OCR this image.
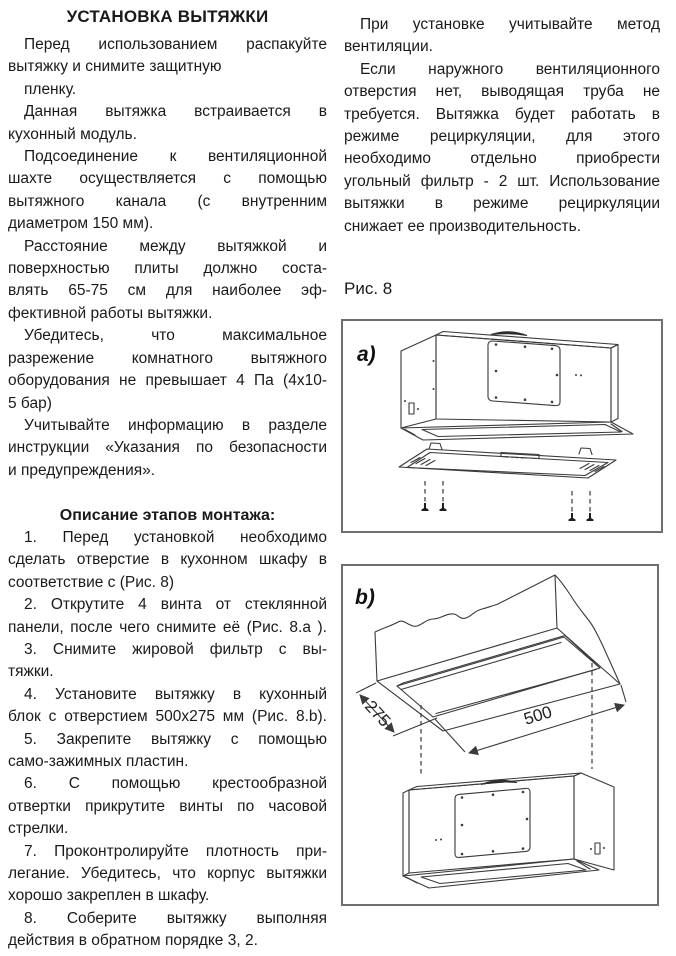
УСТАНОВКА ВЫТЯЖКИ
Перед использованием распакуйте
вытяжку и снимите защитную
пленку.
Данная вытяжка встраивается в
кухонный модуль.
Подсоединение к вентиляционной
шахте осуществляется с помощью
вытяжного канала (с внутренним
диаметром 150 мм).
Расстояние между вытяжкой и
поверхностью плиты должно соста-
влять 65-75 см для наиболее эф-
фективной работы вытяжки.
Убедитесь, что максимальное
разрежение комнатного вытяжного
оборудования не превышает 4 Па (4х10-
5 бар)
Учитывайте информацию в разделе
инструкции «Указания по безопасности
и предупреждения».
Описание этапов монтажа:
1. Перед установкой необходимо
сделать отверстие в кухонном шкафу в
соответствие с (Рис. 8)
2. Открутите 4 винта от стеклянной
панели, после чего снимите её (Рис. 8.a ).
3. Снимите жировой фильтр с вы-
тяжки.
4. Установите вытяжку в кухонный
блок с отверстием 500х275 мм (Рис. 8.b).
5. Закрепите вытяжку с помощью
само-зажимных пластин.
6. С помощью крестообразной
отвертки прикрутите винты по часовой
стрелки.
7. Проконтролируйте плотность при-
легание. Убедитесь, что корпус вытяжки
хорошо закреплен в шкафу.
8. Соберите вытяжку выполняя
действия в обратном порядке 3, 2.
При установке учитывайте метод
вентиляции.
Если наружного вентиляционного
отверстия нет, выводящая труба не
требуется. Вытяжка будет работать в
режиме рециркуляции, для этого
необходимо отдельно приобрести
угольный фильтр - 2 шт. Использование
вытяжки в режиме рециркуляции
снижает ее производительность.
Рис. 8
a)
b)
275	500
